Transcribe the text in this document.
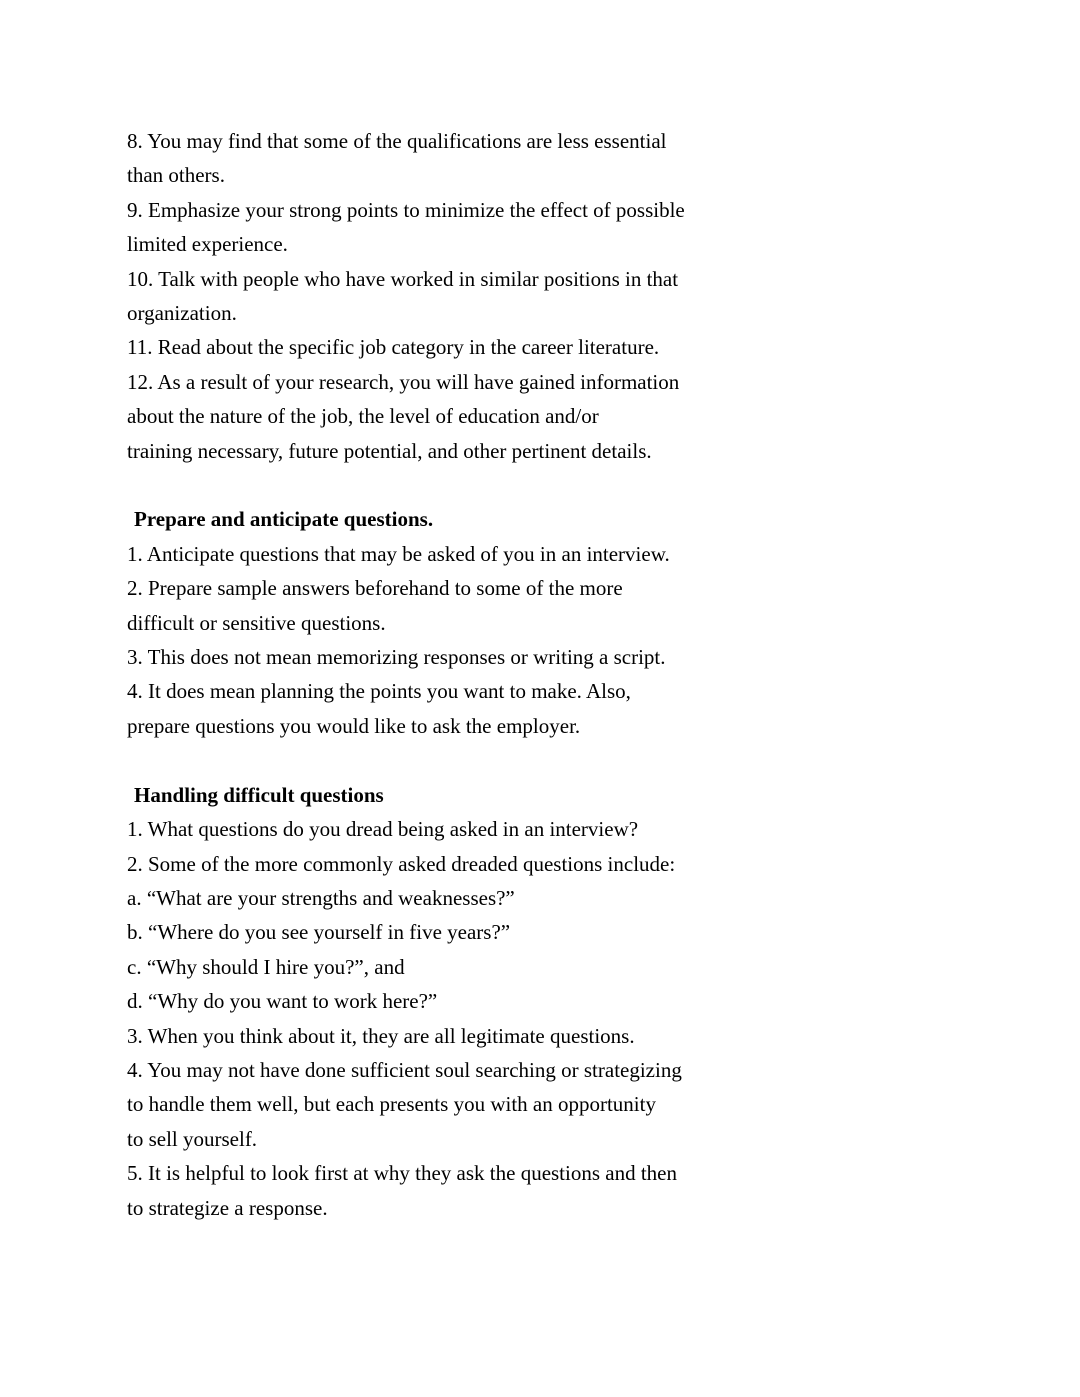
8. You may find that some of the qualifications are less essential
than others.
9. Emphasize your strong points to minimize the effect of possible
limited experience.
10. Talk with people who have worked in similar positions in that
organization.
11. Read about the specific job category in the career literature.
12. As a result of your research, you will have gained information
about the nature of the job, the level of education and/or
training necessary, future potential, and other pertinent details.
Prepare and anticipate questions.
1. Anticipate questions that may be asked of you in an interview.
2. Prepare sample answers beforehand to some of the more
difficult or sensitive questions.
3. This does not mean memorizing responses or writing a script.
4. It does mean planning the points you want to make. Also,
prepare questions you would like to ask the employer.
Handling difficult questions
1. What questions do you dread being asked in an interview?
2. Some of the more commonly asked dreaded questions include:
a. “What are your strengths and weaknesses?”
b. “Where do you see yourself in five years?”
c. “Why should I hire you?”, and
d. “Why do you want to work here?”
3. When you think about it, they are all legitimate questions.
4. You may not have done sufficient soul searching or strategizing
to handle them well, but each presents you with an opportunity
to sell yourself.
5. It is helpful to look first at why they ask the questions and then
to strategize a response.
